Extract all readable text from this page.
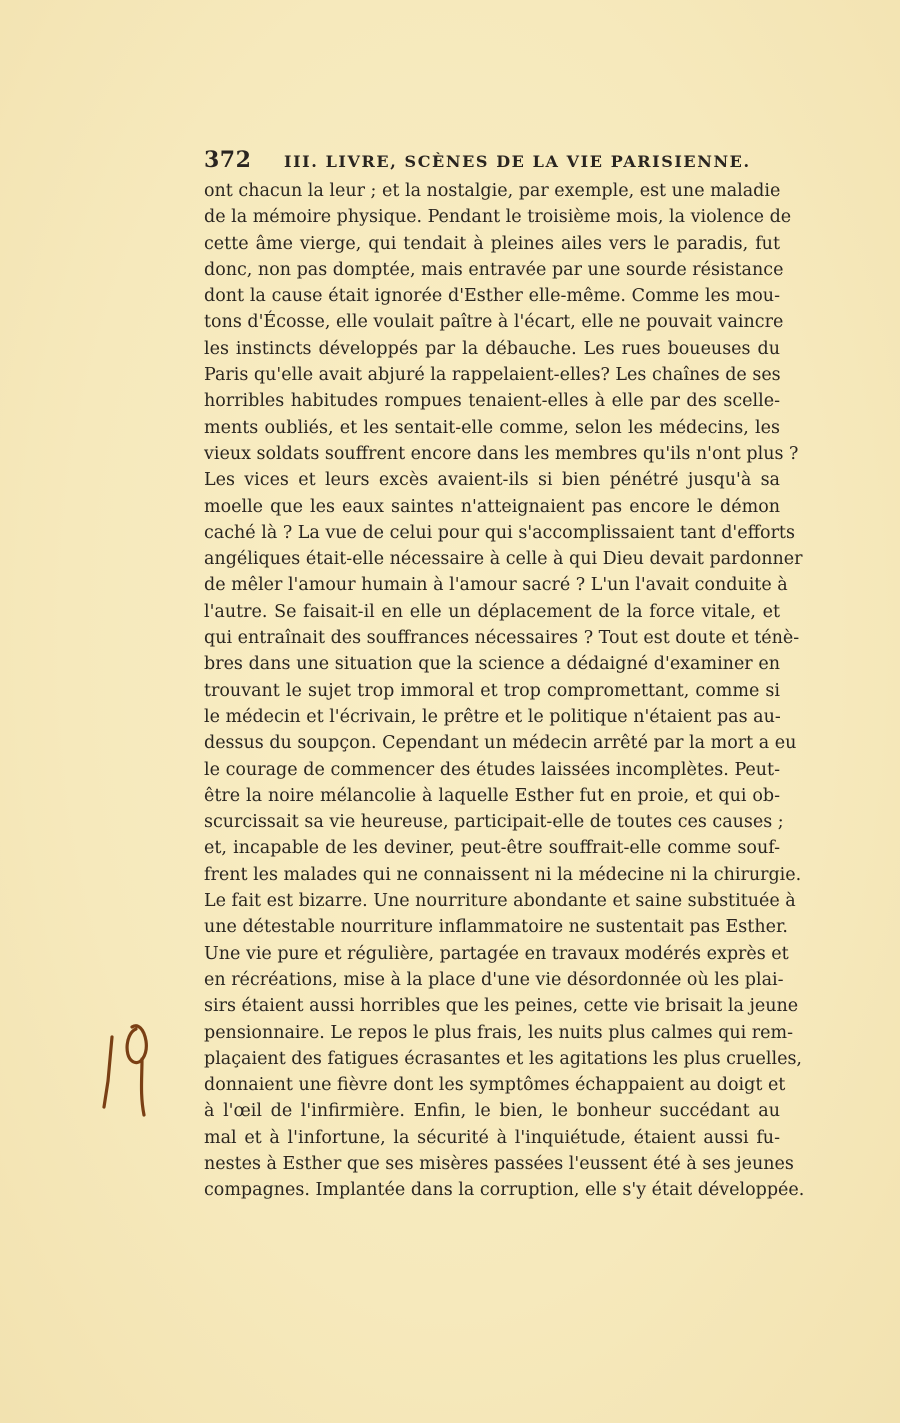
372 III. LIVRE, SCÈNES DE LA VIE PARISIENNE.
ont chacun la leur ; et la nostalgie, par exemple, est une maladie
de la mémoire physique. Pendant le troisième mois, la violence de
cette âme vierge, qui tendait à pleines ailes vers le paradis, fut
donc, non pas domptée, mais entravée par une sourde résistance
dont la cause était ignorée d'Esther elle-même. Comme les mou-
tons d'Écosse, elle voulait paître à l'écart, elle ne pouvait vaincre
les instincts développés par la débauche. Les rues boueuses du
Paris qu'elle avait abjuré la rappelaient-elles? Les chaînes de ses
horribles habitudes rompues tenaient-elles à elle par des scelle-
ments oubliés, et les sentait-elle comme, selon les médecins, les
vieux soldats souffrent encore dans les membres qu'ils n'ont plus ?
Les vices et leurs excès avaient-ils si bien pénétré jusqu'à sa
moelle que les eaux saintes n'atteignaient pas encore le démon
caché là ? La vue de celui pour qui s'accomplissaient tant d'efforts
angéliques était-elle nécessaire à celle à qui Dieu devait pardonner
de mêler l'amour humain à l'amour sacré ? L'un l'avait conduite à
l'autre. Se faisait-il en elle un déplacement de la force vitale, et
qui entraînait des souffrances nécessaires ? Tout est doute et ténè-
bres dans une situation que la science a dédaigné d'examiner en
trouvant le sujet trop immoral et trop compromettant, comme si
le médecin et l'écrivain, le prêtre et le politique n'étaient pas au-
dessus du soupçon. Cependant un médecin arrêté par la mort a eu
le courage de commencer des études laissées incomplètes. Peut-
être la noire mélancolie à laquelle Esther fut en proie, et qui ob-
scurcissait sa vie heureuse, participait-elle de toutes ces causes ;
et, incapable de les deviner, peut-être souffrait-elle comme souf-
frent les malades qui ne connaissent ni la médecine ni la chirurgie.
Le fait est bizarre. Une nourriture abondante et saine substituée à
une détestable nourriture inflammatoire ne sustentait pas Esther.
Une vie pure et régulière, partagée en travaux modérés exprès et
en récréations, mise à la place d'une vie désordonnée où les plai-
sirs étaient aussi horribles que les peines, cette vie brisait la jeune
pensionnaire. Le repos le plus frais, les nuits plus calmes qui rem-
plaçaient des fatigues écrasantes et les agitations les plus cruelles,
donnaient une fièvre dont les symptômes échappaient au doigt et
à l'œil de l'infirmière. Enfin, le bien, le bonheur succédant au
mal et à l'infortune, la sécurité à l'inquiétude, étaient aussi fu-
nestes à Esther que ses misères passées l'eussent été à ses jeunes
compagnes. Implantée dans la corruption, elle s'y était développée.
